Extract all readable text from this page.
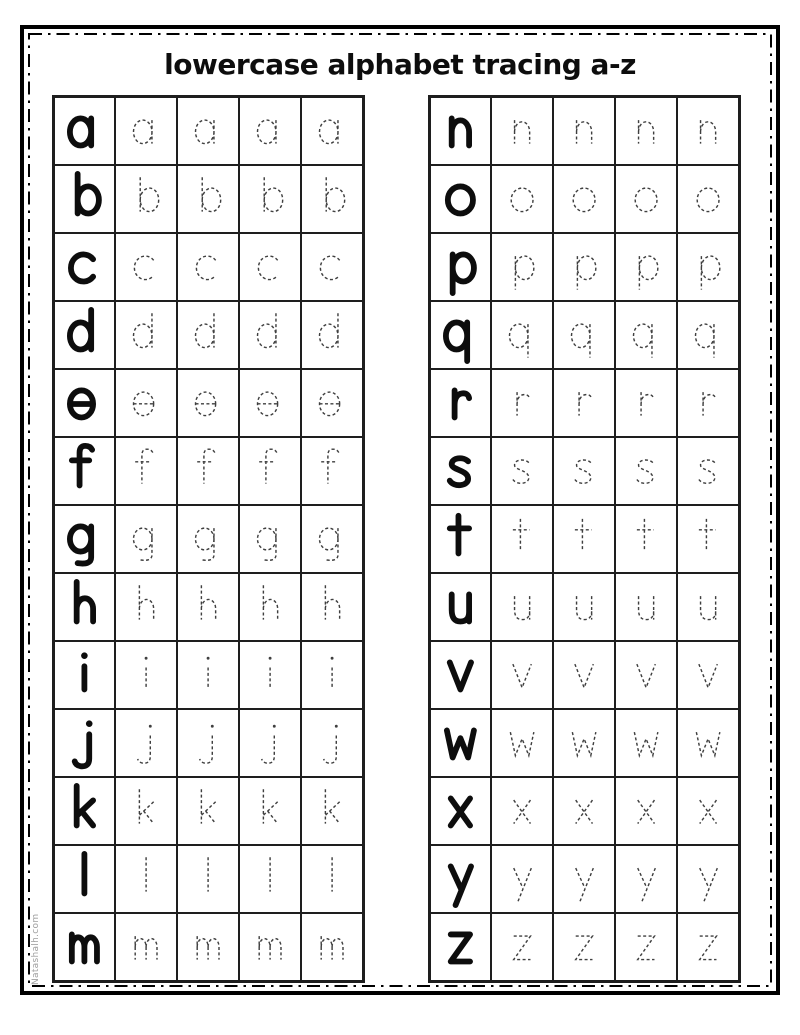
lowercase alphabet tracing a-z
Natashalh.com
